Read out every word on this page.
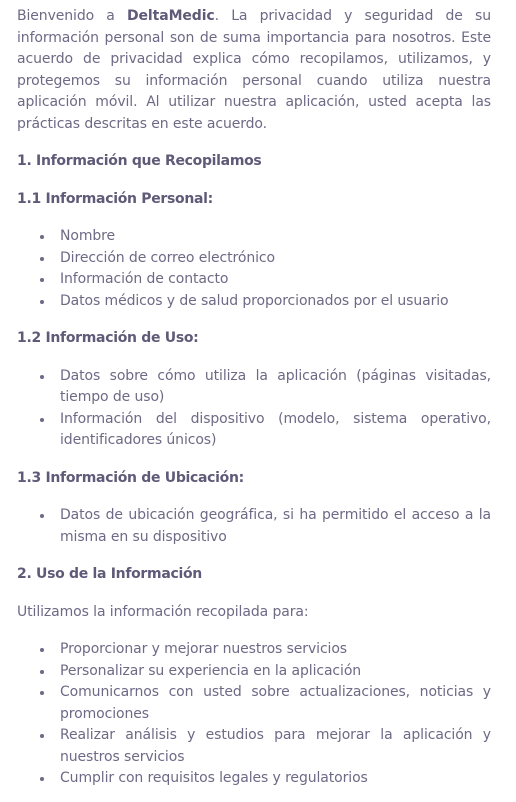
Bienvenido a DeltaMedic. La privacidad y seguridad de su información personal son de suma importancia para nosotros. Este acuerdo de privacidad explica cómo recopilamos, utilizamos, y protegemos su información personal cuando utiliza nuestra aplicación móvil. Al utilizar nuestra aplicación, usted acepta las prácticas descritas en este acuerdo.

1. Información que Recopilamos
1.1 Información Personal:
Nombre
Dirección de correo electrónico
Información de contacto
Datos médicos y de salud proporcionados por el usuario
1.2 Información de Uso:
Datos sobre cómo utiliza la aplicación (páginas visitadas, tiempo de uso)
Información del dispositivo (modelo, sistema operativo, identificadores únicos)
1.3 Información de Ubicación:
Datos de ubicación geográfica, si ha permitido el acceso a la misma en su dispositivo
2. Uso de la Información

Utilizamos la información recopilada para:

Proporcionar y mejorar nuestros servicios
Personalizar su experiencia en la aplicación
Comunicarnos con usted sobre actualizaciones, noticias y promociones
Realizar análisis y estudios para mejorar la aplicación y nuestros servicios
Cumplir con requisitos legales y regulatorios
